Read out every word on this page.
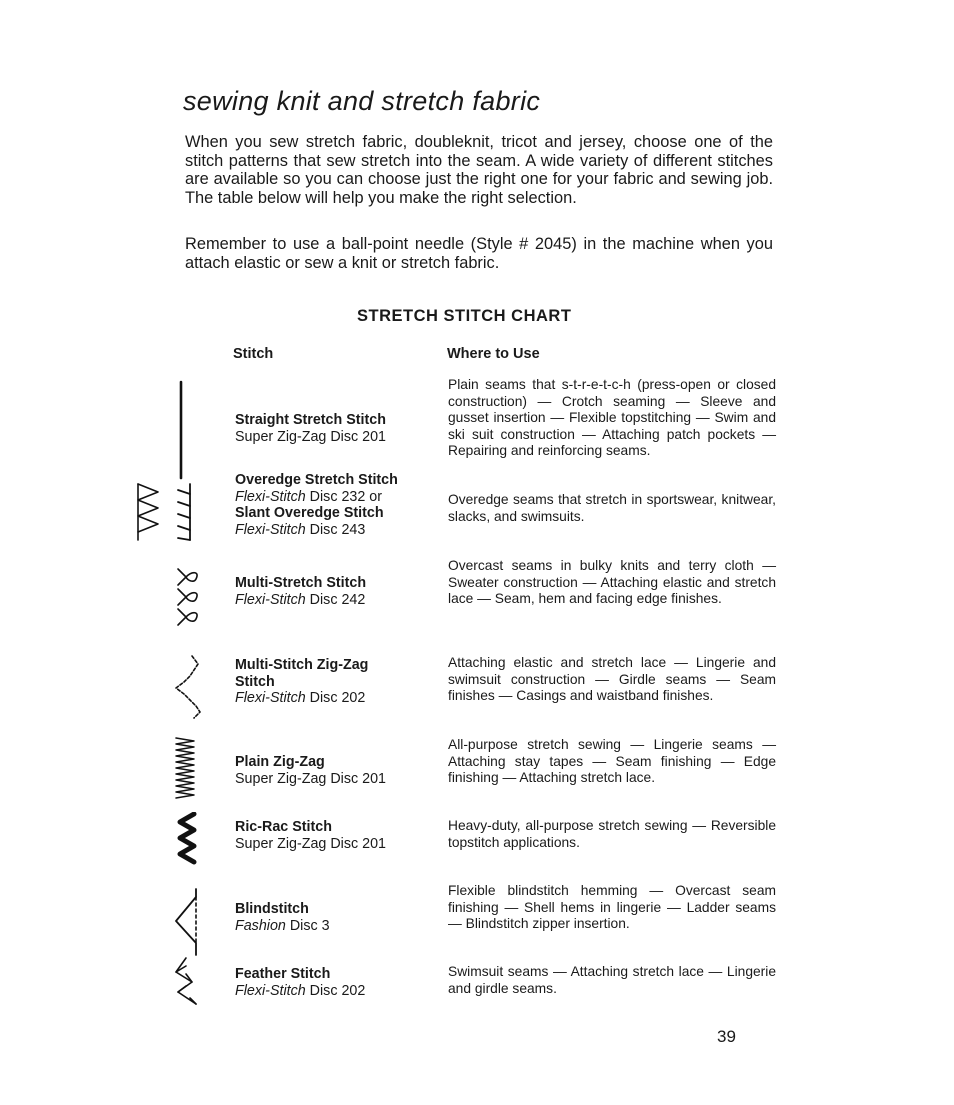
sewing knit and stretch fabric

When you sew stretch fabric, doubleknit, tricot and jersey, choose one of the stitch patterns that sew stretch into the seam. A wide variety of different stitches are available so you can choose just the right one for your fabric and sewing job. The table below will help you make the right selection.

Remember to use a ball-point needle (Style # 2045) in the machine when you attach elastic or sew a knit or stretch fabric.

STRETCH STITCH CHART
Stitch	Where to Use
Straight Stretch Stitch
Super Zig-Zag Disc 201
Plain seams that s-t-r-e-t-c-h (press-open or closed construction) — Crotch seaming — Sleeve and gusset insertion — Flexible topstitching — Swim and ski suit construction — Attaching patch pockets — Repairing and reinforcing seams.
Overedge Stretch Stitch
Flexi-Stitch Disc 232 or
Slant Overedge Stitch
Flexi-Stitch Disc 243
Overedge seams that stretch in sportswear, knitwear, slacks, and swimsuits.
Multi-Stretch Stitch
Flexi-Stitch Disc 242
Overcast seams in bulky knits and terry cloth — Sweater construction — Attaching elastic and stretch lace — Seam, hem and facing edge finishes.
Multi-Stitch Zig-Zag
Stitch
Flexi-Stitch Disc 202
Attaching elastic and stretch lace — Lingerie and swimsuit construction — Girdle seams — Seam finishes — Casings and waistband finishes.
Plain Zig-Zag
Super Zig-Zag Disc 201
All-purpose stretch sewing — Lingerie seams — Attaching stay tapes — Seam finishing — Edge finishing — Attaching stretch lace.
Ric-Rac Stitch
Super Zig-Zag Disc 201
Heavy-duty, all-purpose stretch sewing — Reversible topstitch applications.
Blindstitch
Fashion Disc 3
Flexible blindstitch hemming — Overcast seam finishing — Shell hems in lingerie — Ladder seams — Blindstitch zipper insertion.
Feather Stitch
Flexi-Stitch Disc 202
Swimsuit seams — Attaching stretch lace — Lingerie and girdle seams.
39
